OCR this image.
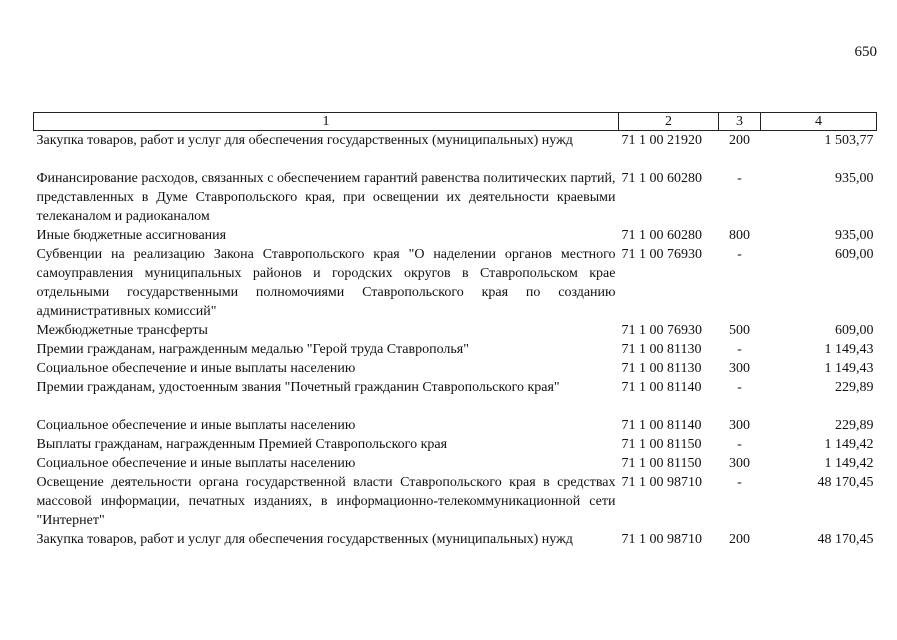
650
1	2	3	4
Закупка товаров, работ и услуг для обеспечения государственных (муниципальных) нужд	71 1 00 21920	200	1 503,77
Финансирование расходов, связанных с обеспечением гарантий равенства политических партий, представленных в Думе Ставропольского края, при освещении их деятельности краевыми телеканалом и радиоканалом	71 1 00 60280	-	935,00
Иные бюджетные ассигнования	71 1 00 60280	800	935,00
Субвенции на реализацию Закона Ставропольского края "О наделении органов местного самоуправления муниципальных районов и городских округов в Ставропольском крае отдельными государственными полномочиями Ставропольского края по созданию административных комиссий"	71 1 00 76930	-	609,00
Межбюджетные трансферты	71 1 00 76930	500	609,00
Премии гражданам, награжденным медалью "Герой труда Ставрополья"	71 1 00 81130	-	1 149,43
Социальное обеспечение и иные выплаты населению	71 1 00 81130	300	1 149,43
Премии гражданам, удостоенным звания "Почетный гражданин Ставропольского края"	71 1 00 81140	-	229,89
Социальное обеспечение и иные выплаты населению	71 1 00 81140	300	229,89
Выплаты гражданам, награжденным Премией Ставропольского края	71 1 00 81150	-	1 149,42
Социальное обеспечение и иные выплаты населению	71 1 00 81150	300	1 149,42
Освещение деятельности органа государственной власти Ставропольского края в средствах массовой информации, печатных изданиях, в информационно-телекоммуникационной сети "Интернет"	71 1 00 98710	-	48 170,45
Закупка товаров, работ и услуг для обеспечения государственных (муниципальных) нужд	71 1 00 98710	200	48 170,45
